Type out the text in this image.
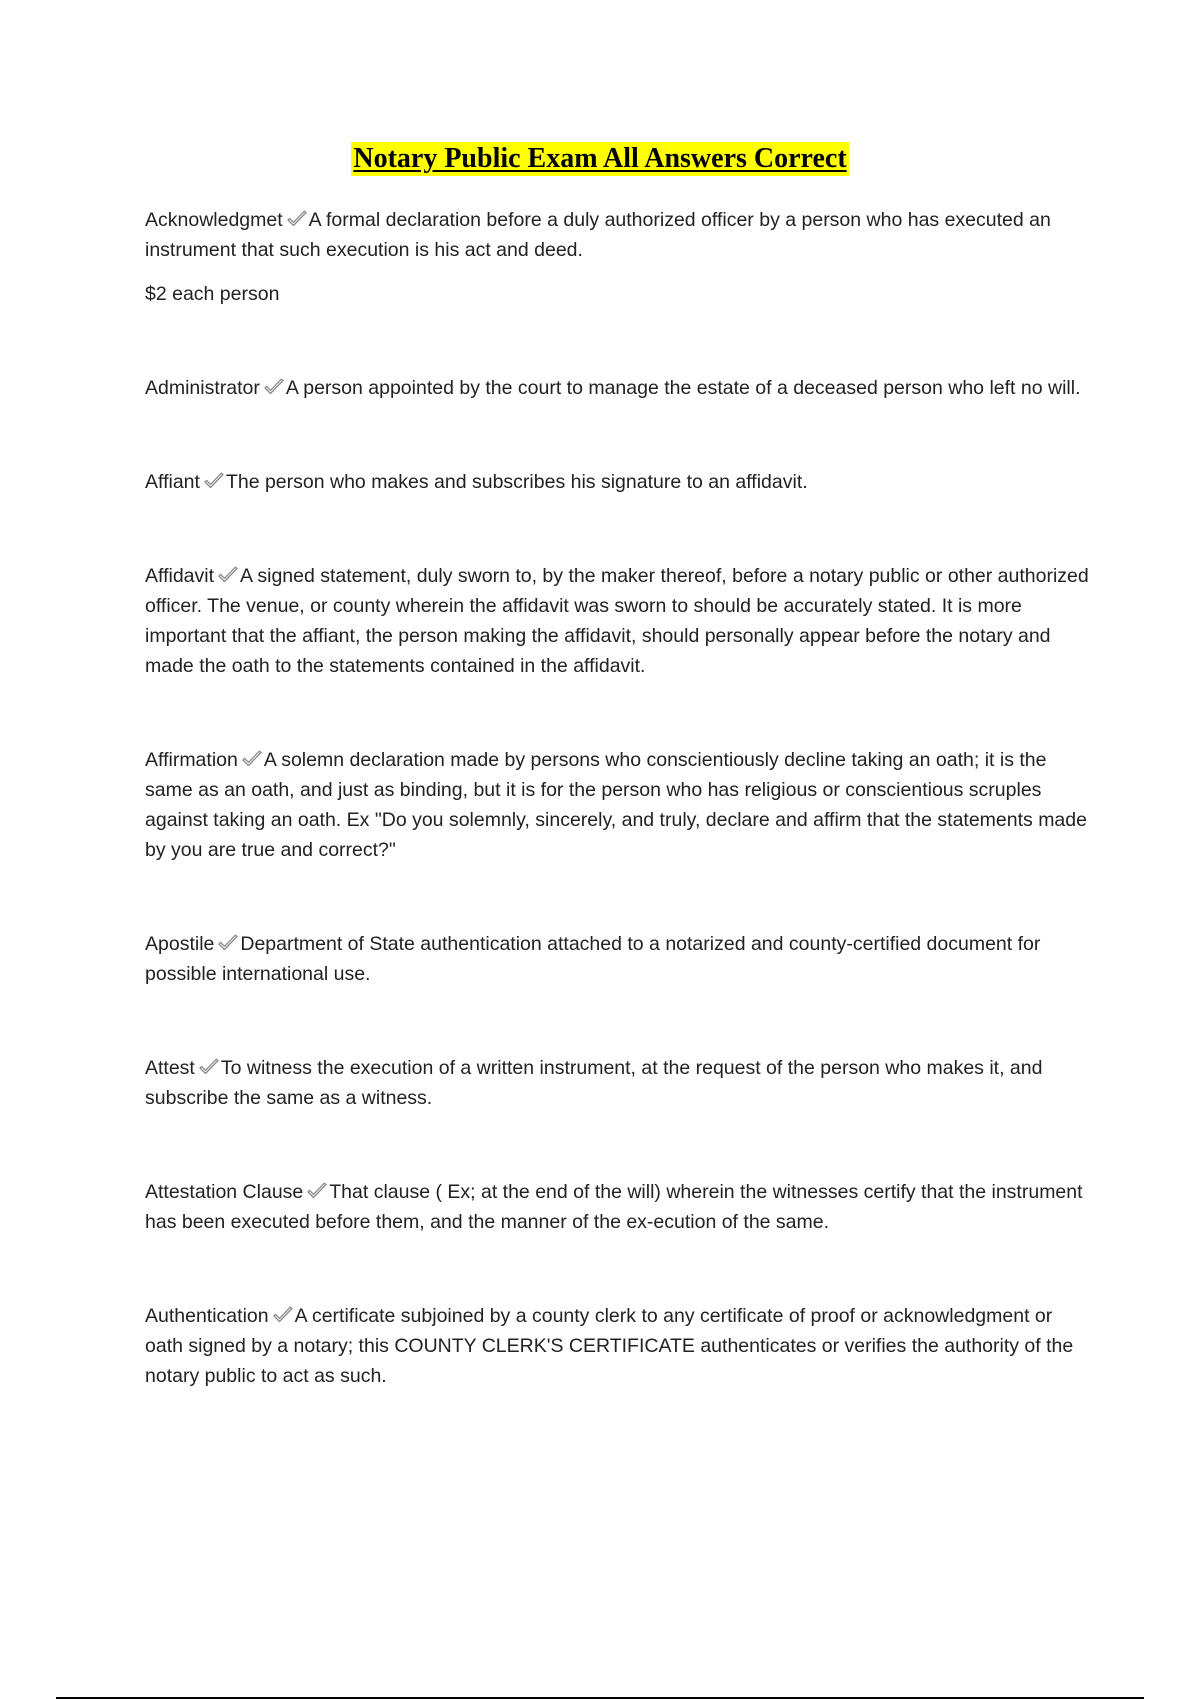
Notary Public Exam All Answers Correct

Acknowledgmet A formal declaration before a duly authorized officer by a person who has executed an instrument that such execution is his act and deed.

$2 each person

Administrator A person appointed by the court to manage the estate of a deceased person who left no will.

Affiant The person who makes and subscribes his signature to an affidavit.

Affidavit A signed statement, duly sworn to, by the maker thereof, before a notary public or other authorized officer. The venue, or county wherein the affidavit was sworn to should be accurately stated. It is more important that the affiant, the person making the affidavit, should personally appear before the notary and made the oath to the statements contained in the affidavit.

Affirmation A solemn declaration made by persons who conscientiously decline taking an oath; it is the same as an oath, and just as binding, but it is for the person who has religious or conscientious scruples against taking an oath. Ex "Do you solemnly, sincerely, and truly, declare and affirm that the statements made by you are true and correct?"

Apostile Department of State authentication attached to a notarized and county-certified document for possible international use.

Attest To witness the execution of a written instrument, at the request of the person who makes it, and subscribe the same as a witness.

Attestation Clause That clause ( Ex; at the end of the will) wherein the witnesses certify that the instrument has been executed before them, and the manner of the ex-ecution of the same.

Authentication A certificate subjoined by a county clerk to any certificate of proof or acknowledgment or oath signed by a notary; this COUNTY CLERK'S CERTIFICATE authenticates or verifies the authority of the notary public to act as such.
